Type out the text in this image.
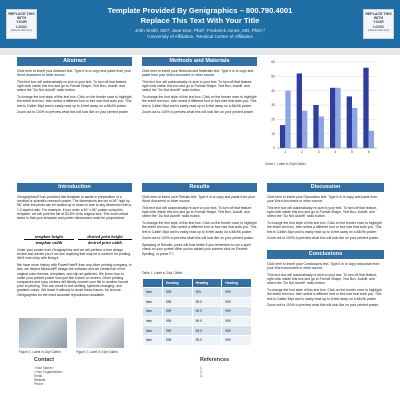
REPLACE THIS WITH
YOUR
LOGO
(Delete this box)
Template Provided By Genigraphics – 800.790.4001
Replace This Text With Your Title
John Smith, MD¹; Jane Doe, PhD²; Frederick Jones, MD, PhD¹,²
¹University of Affiliation, ²Medical Center of Affiliation
REPLACE THIS WITH
YOUR
LOGO
(Delete this box)
Abstract

Click here to insert your Abstract text. Type it in or copy and paste from your Word document or other source.

This text box will automatically re-size to your text. To turn off that feature, right click inside this box and go to Format Shape, Text Box, Autofit, and select the "Do Not Autofit" radio button.

To change the font style of this text box: Click on the border once to highlight the entire text box, then select a different font or font size that suits you. This text is Calibri 36pt and is easily read up to 6 feet away on a 48x96 poster.

Zoom out to 100% to preview what this will look like on your printed poster.

Methods and Materials

Click here to insert your Methods and Materials text. Type it in or copy and paste from your Word document or other source.

This text box will automatically re-size to your text. To turn off that feature, right click inside this box and go to Format Shape, Text Box, Autofit, and select the "Do Not Autofit" radio button.

To change the font style of this text box: Click on the border once to highlight the entire text box, then select a different font or font size that suits you. This text is Calibri 36pt and is easily read up to 6 feet away on a 48x96 poster.

Zoom out to 100% to preview what this will look like on your printed poster.

60
50
40
30
20
10
0
1	2	3	4	5	6
Chart 1. Label in 24pt Calibri.
Introduction

Genigraphics® has provided this template to assist in preparation of a medical or scientific research poster. The dimensions are set to 48" high by 96" wide but prints can be scaled up or down in size to any dimension with a 1:2 aspect ratio. For example, if you order a 40" x 80" poster using this template, we will print the file at 83.5% of its original size. The most critical factor is that your template and poster dimensions must be proportional:

template height
template width
desired print height
desired print width

Order your poster from Genigraphics and we will perform a free design review and advise you if we see anything that may be a concern for printing. We'll even help with fixing it.

We have more history with PowerPoint® than any other printing company. In fact, we helped Microsoft® design the software and we created all of the original color themes, templates, and clip art galleries. We know how to make your printed poster look just like it does on screen. Other printing companies and copy centers will blindly convert your file to another format prior to printing. This can result in text shifting, symbols changing, and gradient colors. We leave it natively to avoid these issues. So choose Genigraphics for the most accurate reproduction available.

Figure 1. Label in 24pt Calibri.	Figure 2. Label in 24pt Calibri.
Results

Click here to insert your Results text. Type it in or copy and paste from your Word document or other source.

This text box will automatically re-size to your text. To turn off that feature, right click inside this box and go to Format Shape, Text Box, Autofit, and select the "Do Not Autofit" radio button.

To change the font style of this text box: Click on the border once to highlight the entire text box, then select a different font or font size that suits you. This text is Calibri 36pt and is easily read up to 6 feet away on a 48x96 poster.

Zoom out to 100% to preview what this will look like on your printed poster.

Speaking of Results, yours will look better if you remember to run a spell check on your poster! After you've added your content click on Review: Spelling, or press F7.

Table 1. Label in 24pt Calibri.
	Heading	Heading	Heading
Item	999	999	999
Item	999	99.9	999
Item	999	99.9	999
Item	999	99.9	999
Item	999	99.9	999
Item	999	99.9	999
Discussion

Click here to insert your Discussion text. Type it in or copy and paste from your Word document or other source.

This text box will automatically re-size to your text. To turn off that feature, right click inside this box and go to Format Shape, Text Box, Autofit, and select the "Do Not Autofit" radio button.

To change the font style of this text box: Click on the border once to highlight the entire text box, then select a different font or font size that suits you. This text is Calibri 36pt and is easily read up to 6 feet away on a 48x96 poster.

Zoom out to 100% to preview what this will look like on your printed poster.

Conclusions

Click here to insert your Conclusions text. Type it in or copy and paste from your Word document or other source.

This text box will automatically re-size to your text. To turn off that feature, right click inside this box and go to Format Shape, Text Box, Autofit, and select the "Do Not Autofit" radio button.

To change the font style of this text box: Click on the border once to highlight the entire text box, then select a different font or font size that suits you. This text is Calibri 36pt and is easily read up to 6 feet away on a 48x96 poster.

Zoom out to 100% to preview what this will look like on your printed poster.

Contact
<Your Name>
<Your Organization>
Email
Website
Phone
References
1.
2.
3.
